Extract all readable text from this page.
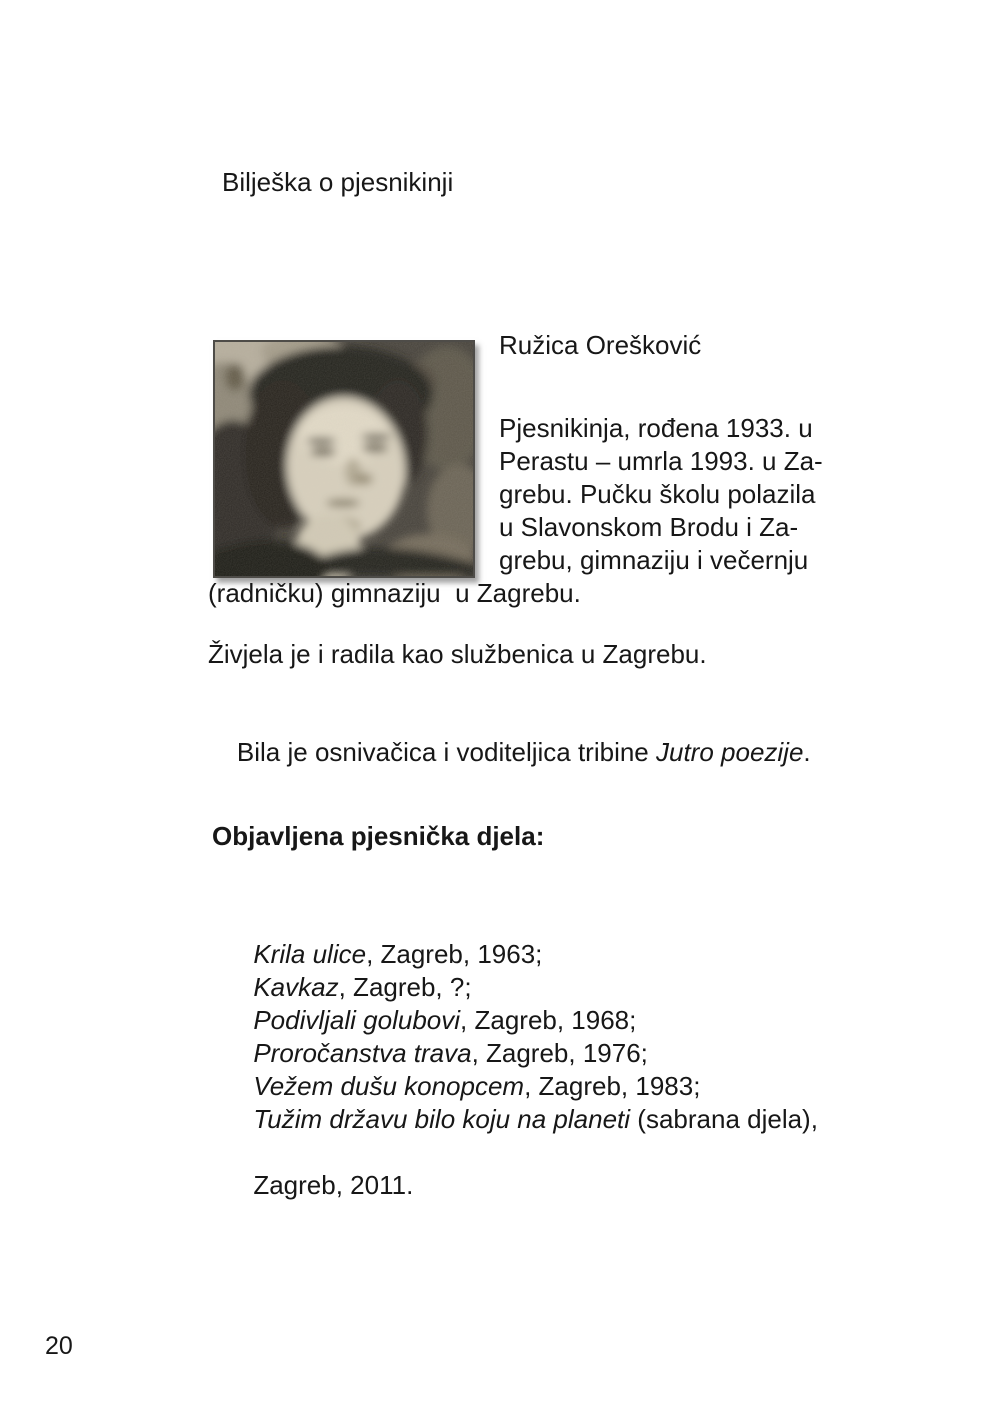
Bilješka o pjesnikinji
Ružica Orešković
Pjesnikinja, rođena 1933. u
Perastu – umrla 1993. u Za-
grebu. Pučku školu polazila
u Slavonskom Brodu i Za-
grebu, gimnaziju i večernju
(radničku) gimnaziju  u Zagrebu.
Živjela je i radila kao službenica u Zagrebu.

Bila je osnivačica i voditeljica tribine Jutro poezije.

Objavljena pjesnička djela:

Krila ulice, Zagreb, 1963;

Kavkaz, Zagreb, ?;

Podivljali golubovi, Zagreb, 1968;

Proročanstva trava, Zagreb, 1976;

Vežem dušu konopcem, Zagreb, 1983;

Tužim državu bilo koju na planeti (sabrana djela),

Zagreb, 2011.

20
